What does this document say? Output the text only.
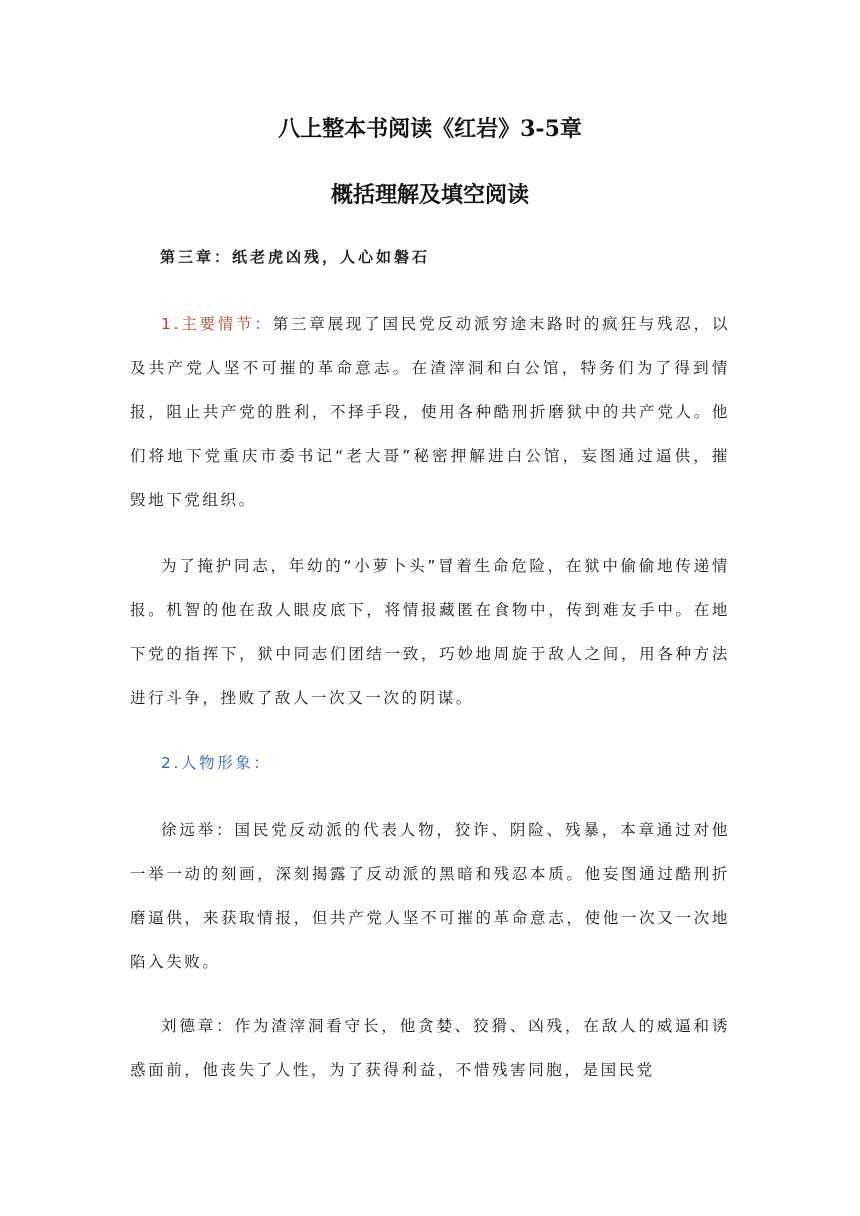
八上整本书阅读《红岩》3-5章
概括理解及填空阅读

第三章：纸老虎凶残，人心如磐石

1.主要情节：第三章展现了国民党反动派穷途末路时的疯狂与残忍，以及共产党人坚不可摧的革命意志。在渣滓洞和白公馆，特务们为了得到情报，阻止共产党的胜利，不择手段，使用各种酷刑折磨狱中的共产党人。他们将地下党重庆市委书记“老大哥”秘密押解进白公馆，妄图通过逼供，摧毁地下党组织。

为了掩护同志，年幼的“小萝卜头”冒着生命危险，在狱中偷偷地传递情报。机智的他在敌人眼皮底下，将情报藏匿在食物中，传到难友手中。在地下党的指挥下，狱中同志们团结一致，巧妙地周旋于敌人之间，用各种方法进行斗争，挫败了敌人一次又一次的阴谋。

2.人物形象：

徐远举：国民党反动派的代表人物，狡诈、阴险、残暴，本章通过对他一举一动的刻画，深刻揭露了反动派的黑暗和残忍本质。他妄图通过酷刑折磨逼供，来获取情报，但共产党人坚不可摧的革命意志，使他一次又一次地陷入失败。

刘德章：作为渣滓洞看守长，他贪婪、狡猾、凶残，在敌人的威逼和诱惑面前，他丧失了人性，为了获得利益，不惜残害同胞，是国民党
